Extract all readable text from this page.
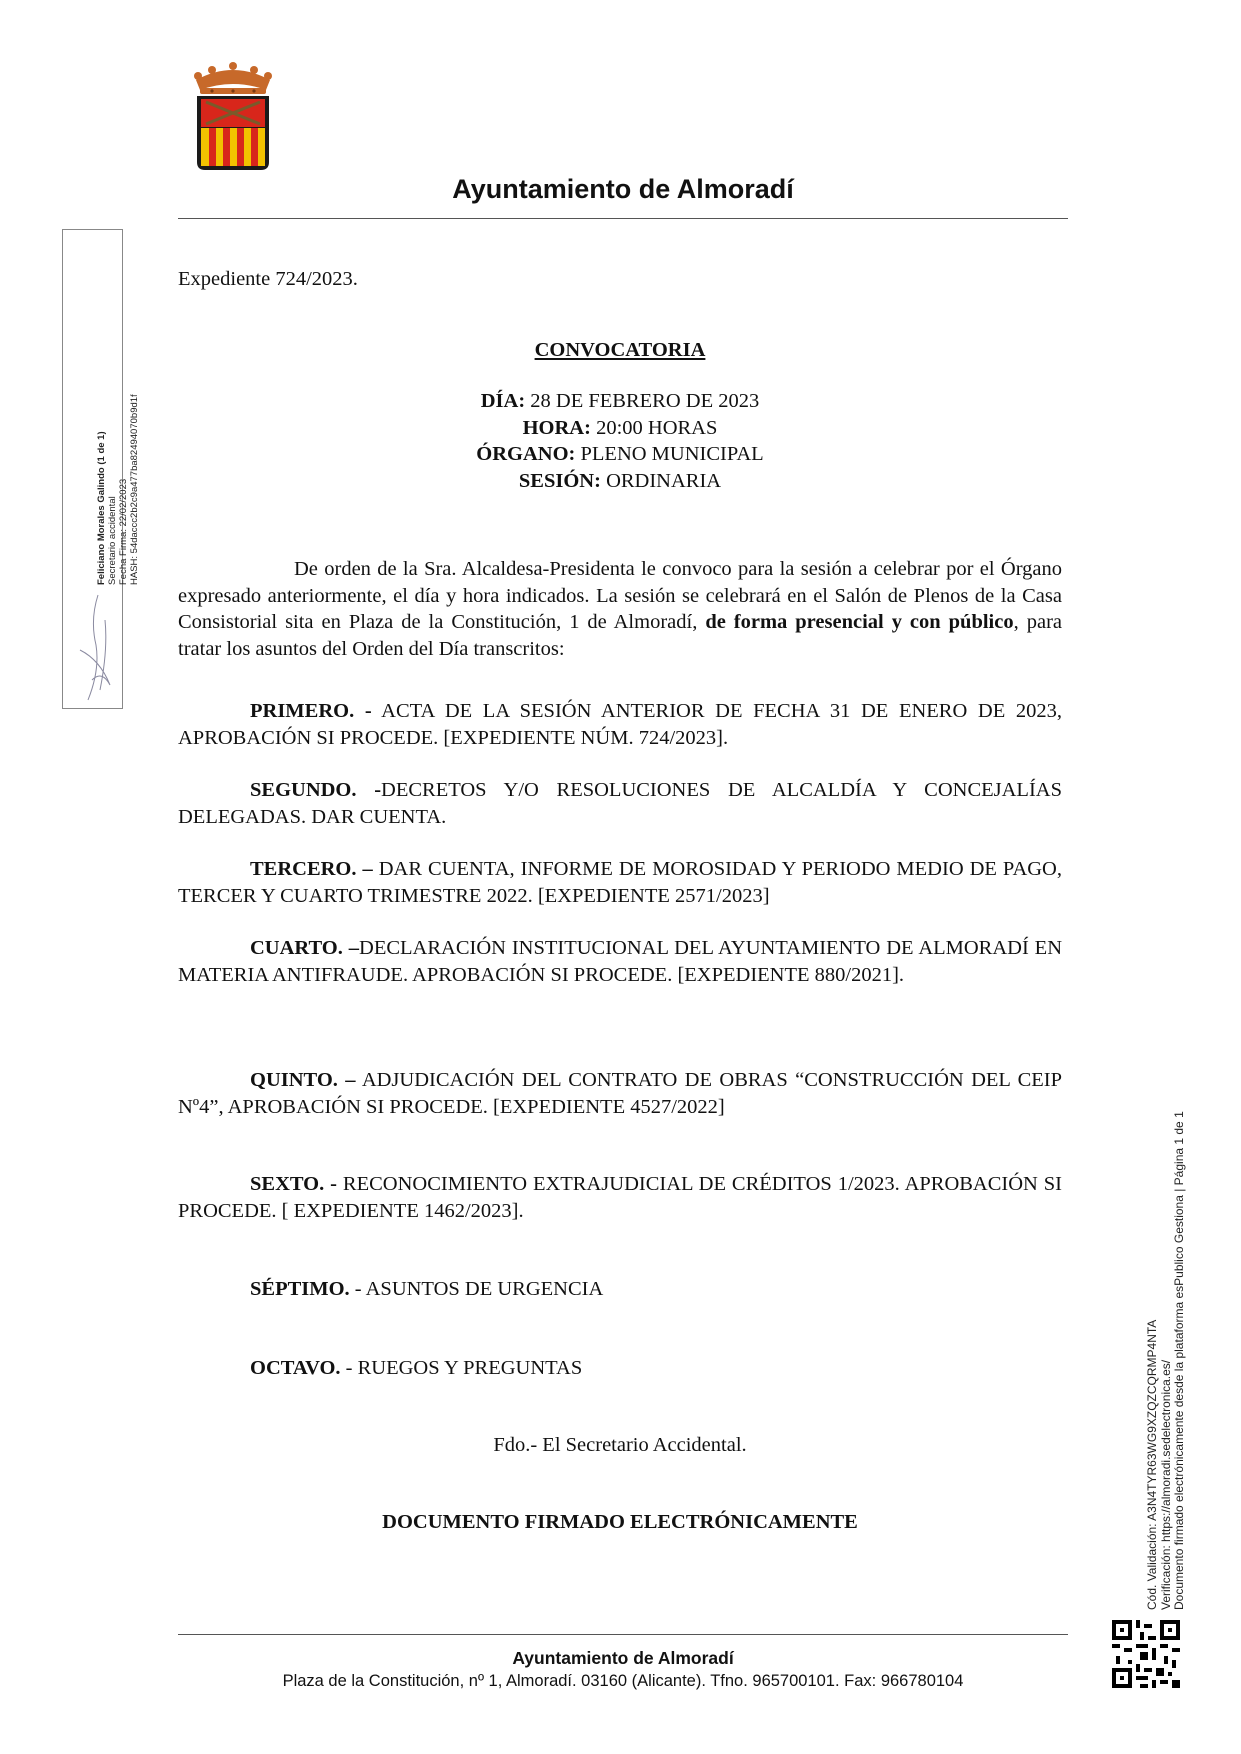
Ayuntamiento de Almoradí
Feliciano Morales Galindo (1 de 1) Secretario accidental Fecha Firma: 22/02/2023 HASH: 54daccc2b2c9a477ba82494070b9d1f
Cód. Validación: A3N4TYR63WG9XZQZCQRMP4NTA Verificación: https://almoradi.sedelectronica.es/ Documento firmado electrónicamente desde la plataforma esPublico Gestiona | Página 1 de 1
Expediente 724/2023.
CONVOCATORIA
DÍA: 28 DE FEBRERO DE 2023
HORA: 20:00 HORAS
ÓRGANO: PLENO MUNICIPAL
SESIÓN: ORDINARIA
De orden de la Sra. Alcaldesa-Presidenta le convoco para la sesión a celebrar por el Órgano expresado anteriormente, el día y hora indicados. La sesión se celebrará en el Salón de Plenos de la Casa Consistorial sita en Plaza de la Constitución, 1 de Almoradí, de forma presencial y con público, para tratar los asuntos del Orden del Día transcritos:
PRIMERO. - ACTA DE LA SESIÓN ANTERIOR DE FECHA 31 DE ENERO DE 2023, APROBACIÓN SI PROCEDE. [EXPEDIENTE NÚM. 724/2023].
SEGUNDO. -DECRETOS Y/O RESOLUCIONES DE ALCALDÍA Y CONCEJALÍAS DELEGADAS. DAR CUENTA.
TERCERO. – DAR CUENTA, INFORME DE MOROSIDAD Y PERIODO MEDIO DE PAGO, TERCER Y CUARTO TRIMESTRE 2022. [EXPEDIENTE 2571/2023]
CUARTO. –DECLARACIÓN INSTITUCIONAL DEL AYUNTAMIENTO DE ALMORADÍ EN MATERIA ANTIFRAUDE. APROBACIÓN SI PROCEDE. [EXPEDIENTE 880/2021].
QUINTO. – ADJUDICACIÓN DEL CONTRATO DE OBRAS “CONSTRUCCIÓN DEL CEIP Nº4”, APROBACIÓN SI PROCEDE. [EXPEDIENTE 4527/2022]
SEXTO. - RECONOCIMIENTO EXTRAJUDICIAL DE CRÉDITOS 1/2023. APROBACIÓN SI PROCEDE. [ EXPEDIENTE 1462/2023].
SÉPTIMO. - ASUNTOS DE URGENCIA
OCTAVO. - RUEGOS Y PREGUNTAS
Fdo.- El Secretario Accidental.
DOCUMENTO FIRMADO ELECTRÓNICAMENTE
Ayuntamiento de Almoradí
Plaza de la Constitución, nº 1, Almoradí. 03160 (Alicante). Tfno. 965700101. Fax: 966780104
